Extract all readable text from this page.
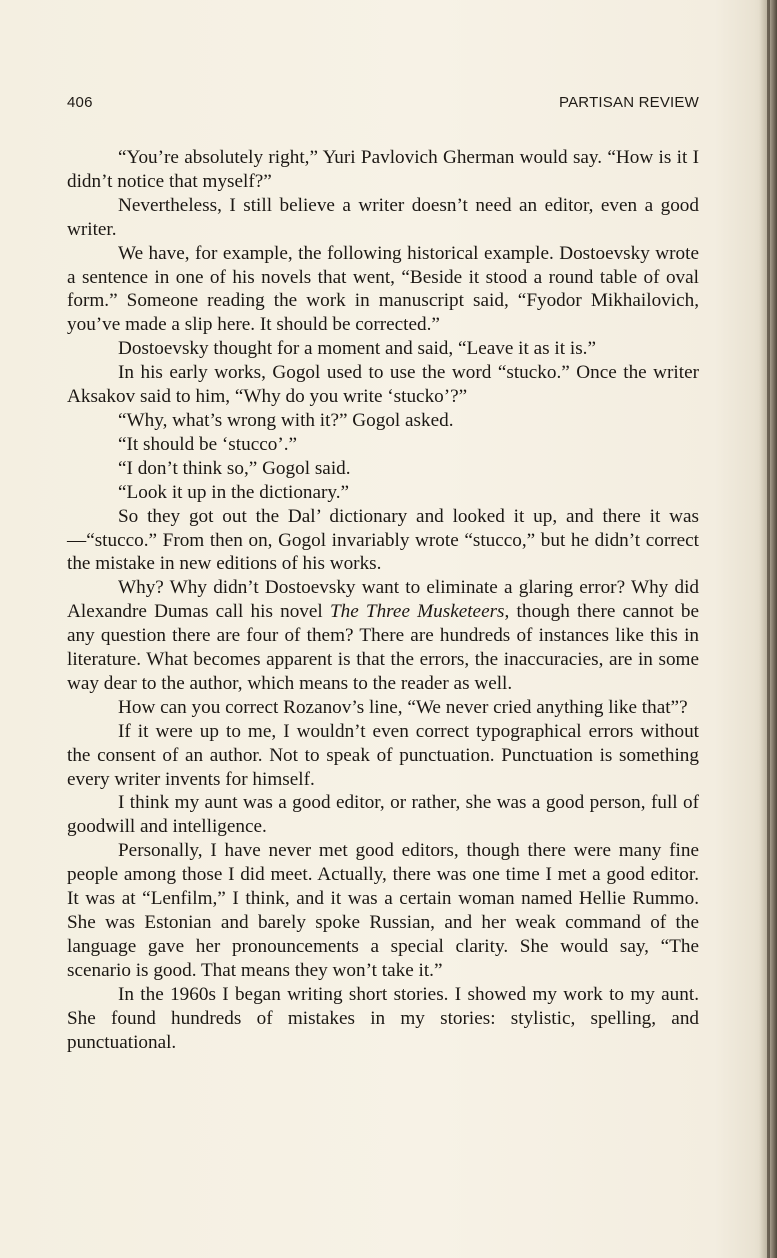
406	PARTISAN REVIEW

“You’re absolutely right,” Yuri Pavlovich Gherman would say. “How is it I didn’t notice that myself?”

Nevertheless, I still believe a writer doesn’t need an editor, even a good writer.

We have, for example, the following historical example. Dostoevsky wrote a sentence in one of his novels that went, “Beside it stood a round table of oval form.” Someone reading the work in manuscript said, “Fyodor Mikhailovich, you’ve made a slip here. It should be corrected.”

Dostoevsky thought for a moment and said, “Leave it as it is.”

In his early works, Gogol used to use the word “stucko.” Once the writer Aksakov said to him, “Why do you write ‘stucko’?”

“Why, what’s wrong with it?” Gogol asked.

“It should be ‘stucco’.”

“I don’t think so,” Gogol said.

“Look it up in the dictionary.”

So they got out the Dal’ dictionary and looked it up, and there it was—“stucco.” From then on, Gogol invariably wrote “stucco,” but he didn’t correct the mistake in new editions of his works.

Why? Why didn’t Dostoevsky want to eliminate a glaring error? Why did Alexandre Dumas call his novel The Three Musketeers, though there cannot be any question there are four of them? There are hundreds of instances like this in literature. What becomes apparent is that the errors, the inaccuracies, are in some way dear to the author, which means to the reader as well.

How can you correct Rozanov’s line, “We never cried anything like that”?

If it were up to me, I wouldn’t even correct typographical errors without the consent of an author. Not to speak of punctuation. Punctuation is something every writer invents for himself.

I think my aunt was a good editor, or rather, she was a good person, full of goodwill and intelligence.

Personally, I have never met good editors, though there were many fine people among those I did meet. Actually, there was one time I met a good editor. It was at “Lenfilm,” I think, and it was a certain woman named Hellie Rummo. She was Estonian and barely spoke Russian, and her weak command of the language gave her pronouncements a special clarity. She would say, “The scenario is good. That means they won’t take it.”

In the 1960s I began writing short stories. I showed my work to my aunt. She found hundreds of mistakes in my stories: stylistic, spelling, and punctuational.
